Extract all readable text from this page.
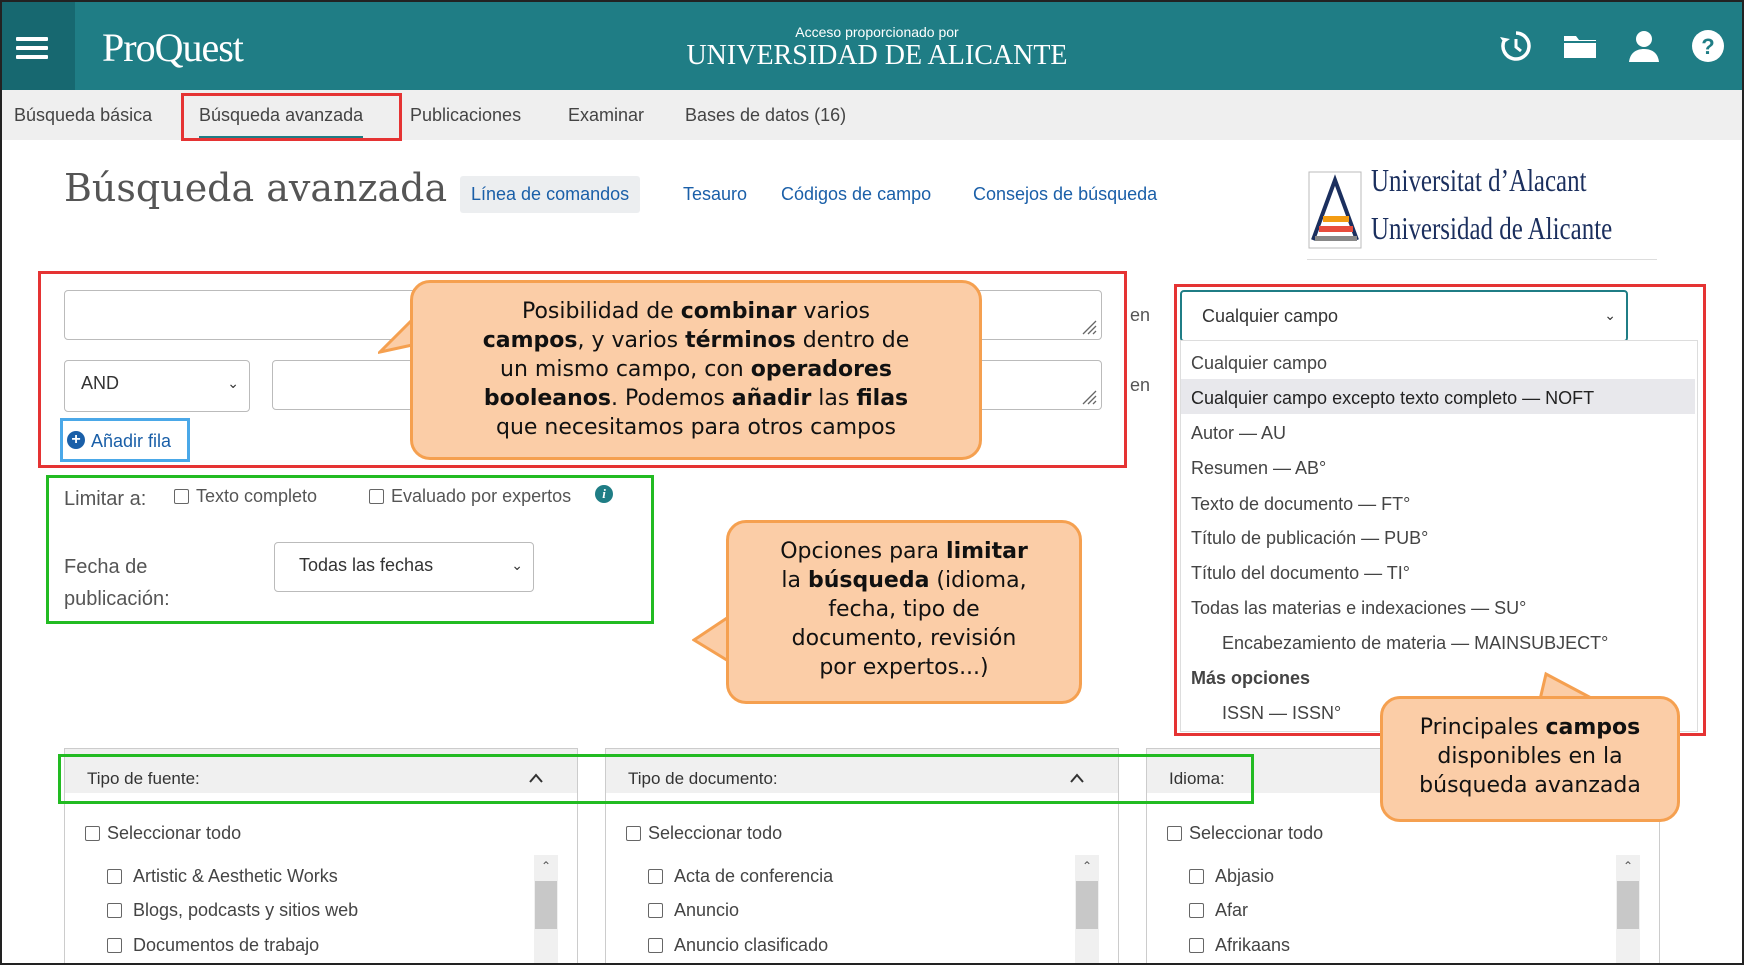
ProQuest	Acceso proporcionado por
UNIVERSIDAD DE ALICANTE	?
Búsqueda básica	Búsqueda avanzada	Publicaciones	Examinar Bases de datos (16)
Búsqueda avanzada	Línea de comandos	Tesauro Códigos de campo Consejos de búsqueda	Universitat d’Alacant
Universidad de Alicante
AND	⌄
en
en
+ Añadir fila
Cualquier campo	⌄
Cualquier campo
Cualquier campo excepto texto completo — NOFT
Autor — AU
Resumen — AB°
Texto de documento — FT°
Título de publicación — PUB°
Título del documento — TI°
Todas las materias e indexaciones — SU°
Encabezamiento de materia — MAINSUBJECT°
Más opciones
ISSN — ISSN°
Limitar a:	Texto completo	Evaluado por expertos	i
Fecha de
publicación:
Todas las fechas	⌄
Tipo de fuente:
Seleccionar todo
Artistic & Aesthetic Works
Blogs, podcasts y sitios web
Documentos de trabajo
⌃
Tipo de documento:
Seleccionar todo
Acta de conferencia
Anuncio
Anuncio clasificado
⌃
Idioma:
Seleccionar todo
Abjasio
Afar
Afrikaans
⌃
Posibilidad de combinar varios
campos, y varios términos dentro de
un mismo campo, con operadores
booleanos. Podemos añadir las filas
que necesitamos para otros campos
Opciones para limitar
la búsqueda (idioma,
fecha, tipo de
documento, revisión
por expertos...)
Principales campos
disponibles en la
búsqueda avanzada
